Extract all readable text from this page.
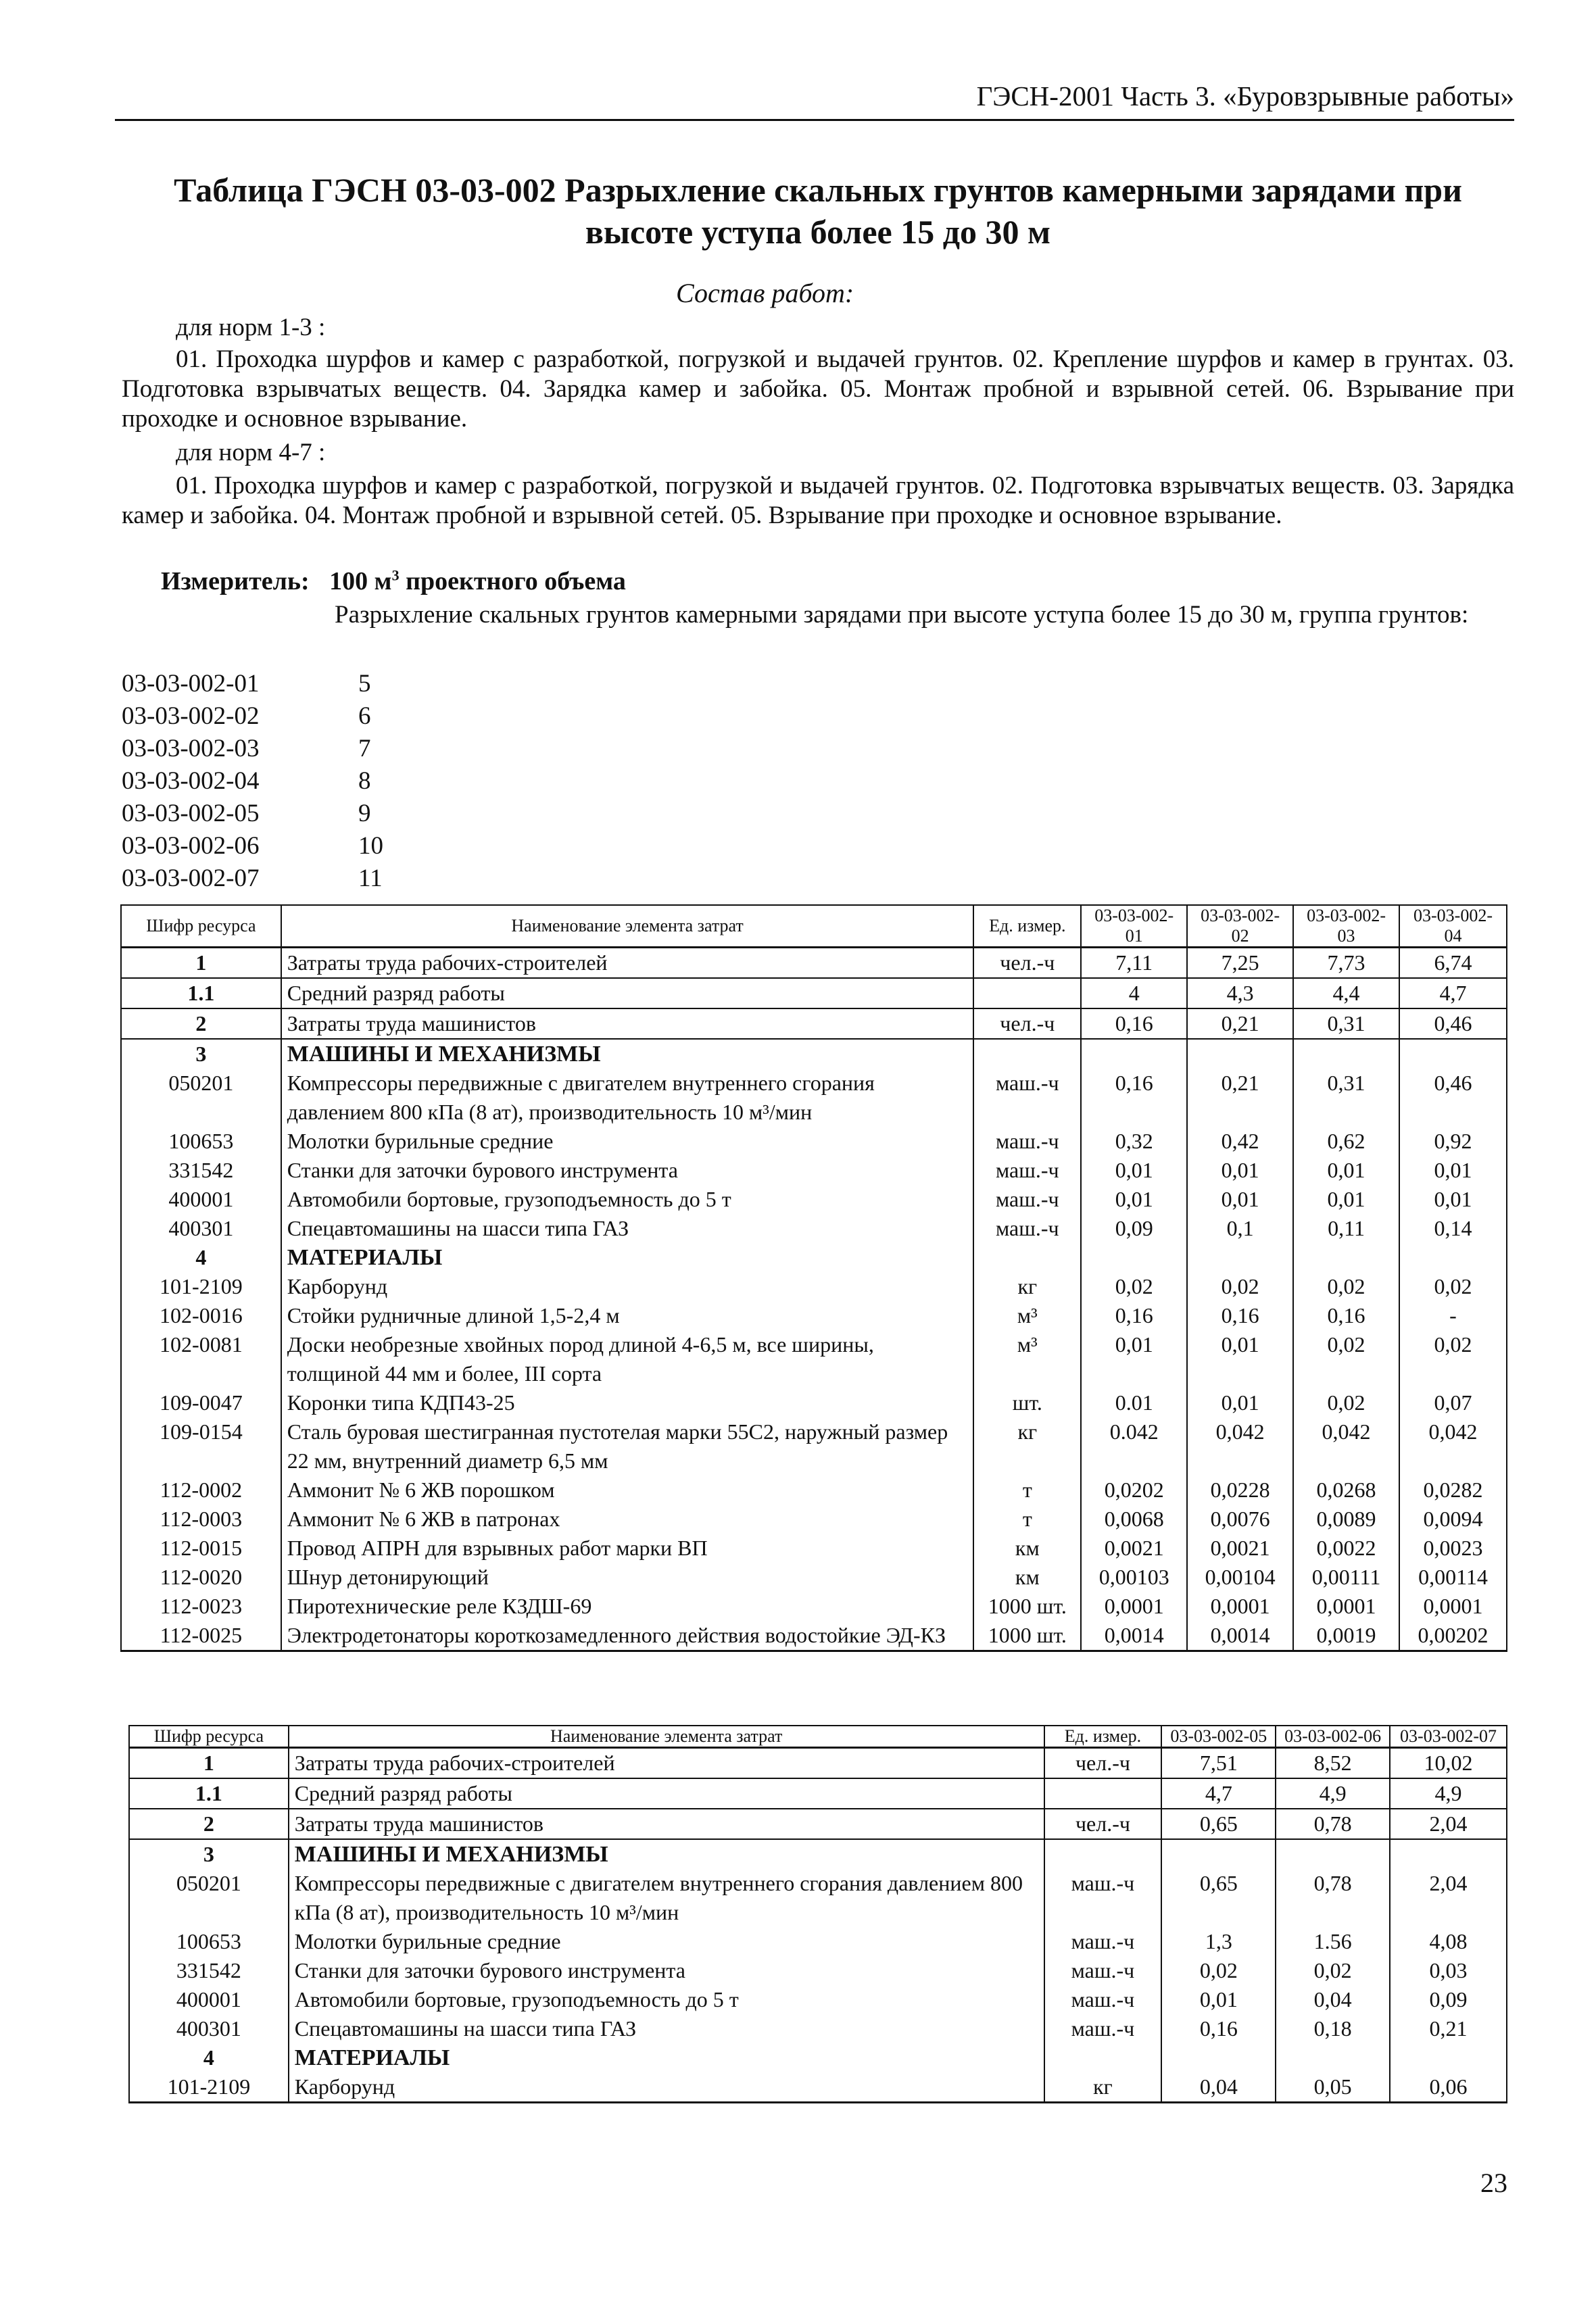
ГЭСН-2001 Часть 3. «Буровзрывные работы»
Таблица ГЭСН 03-03-002 Разрыхление скальных грунтов камерными зарядами при высоте уступа более 15 до 30 м
Состав работ:
для норм 1-3 :
01. Проходка шурфов и камер с разработкой, погрузкой и выдачей грунтов. 02. Крепление шурфов и камер в грунтах. 03. Подготовка взрывчатых веществ. 04. Зарядка камер и забойка. 05. Монтаж пробной и взрывной сетей. 06. Взрывание при проходке и основное взрывание.
для норм 4-7 :
01. Проходка шурфов и камер с разработкой, погрузкой и выдачей грунтов. 02. Подготовка взрывчатых веществ. 03. Зарядка камер и забойка. 04. Монтаж пробной и взрывной сетей. 05. Взрывание при проходке и основное взрывание.
Измеритель: 100 $м^3$ проектного объема
Разрыхление скальных грунтов камерными зарядами при высоте уступа более 15 до 30 м, группа грунтов:
03-03-002-01	5
03-03-002-02	6
03-03-002-03	7
03-03-002-04	8
03-03-002-05	9
03-03-002-06	10
03-03-002-07	11
Шифр ресурса	Наименование элемента затрат	Ед. измер.	03-03-002-01	03-03-002-02	03-03-002-03	03-03-002-04
1	Затраты труда рабочих-строителей	чел.-ч	7,11	7,25	7,73	6,74
1.1	Средний разряд работы		4	4,3	4,4	4,7
2	Затраты труда машинистов	чел.-ч	0,16	0,21	0,31	0,46
3	МАШИНЫ И МЕХАНИЗМЫ					
050201	Компрессоры передвижные с двигателем внутреннего сгорания давлением 800 кПа (8 ат), производительность 10 м³/мин	маш.-ч	0,16	0,21	0,31	0,46
100653	Молотки бурильные средние	маш.-ч	0,32	0,42	0,62	0,92
331542	Станки для заточки бурового инструмента	маш.-ч	0,01	0,01	0,01	0,01
400001	Автомобили бортовые, грузоподъемность до 5 т	маш.-ч	0,01	0,01	0,01	0,01
400301	Спецавтомашины на шасси типа ГАЗ	маш.-ч	0,09	0,1	0,11	0,14
4	МАТЕРИАЛЫ					
101-2109	Карборунд	кг	0,02	0,02	0,02	0,02
102-0016	Стойки рудничные длиной 1,5-2,4 м	м³	0,16	0,16	0,16	-
102-0081	Доски необрезные хвойных пород длиной 4-6,5 м, все ширины, толщиной 44 мм и более, III сорта	м³	0,01	0,01	0,02	0,02
109-0047	Коронки типа КДП43-25	шт.	0.01	0,01	0,02	0,07
109-0154	Сталь буровая шестигранная пустотелая марки 55С2, наружный размер 22 мм, внутренний диаметр 6,5 мм	кг	0.042	0,042	0,042	0,042
112-0002	Аммонит № 6 ЖВ порошком	т	0,0202	0,0228	0,0268	0,0282
112-0003	Аммонит № 6 ЖВ в патронах	т	0,0068	0,0076	0,0089	0,0094
112-0015	Провод АПРН для взрывных работ марки ВП	км	0,0021	0,0021	0,0022	0,0023
112-0020	Шнур детонирующий	км	0,00103	0,00104	0,00111	0,00114
112-0023	Пиротехнические реле КЗДШ-69	1000 шт.	0,0001	0,0001	0,0001	0,0001
112-0025	Электродетонаторы короткозамедленного действия водостойкие ЭД-КЗ	1000 шт.	0,0014	0,0014	0,0019	0,00202
Шифр ресурса	Наименование элемента затрат	Ед. измер.	03-03-002-05	03-03-002-06	03-03-002-07
1	Затраты труда рабочих-строителей	чел.-ч	7,51	8,52	10,02
1.1	Средний разряд работы		4,7	4,9	4,9
2	Затраты труда машинистов	чел.-ч	0,65	0,78	2,04
3	МАШИНЫ И МЕХАНИЗМЫ				
050201	Компрессоры передвижные с двигателем внутреннего сгорания давлением 800 кПа (8 ат), производительность 10 м³/мин	маш.-ч	0,65	0,78	2,04
100653	Молотки бурильные средние	маш.-ч	1,3	1.56	4,08
331542	Станки для заточки бурового инструмента	маш.-ч	0,02	0,02	0,03
400001	Автомобили бортовые, грузоподъемность до 5 т	маш.-ч	0,01	0,04	0,09
400301	Спецавтомашины на шасси типа ГАЗ	маш.-ч	0,16	0,18	0,21
4	МАТЕРИАЛЫ				
101-2109	Карборунд	кг	0,04	0,05	0,06
23
